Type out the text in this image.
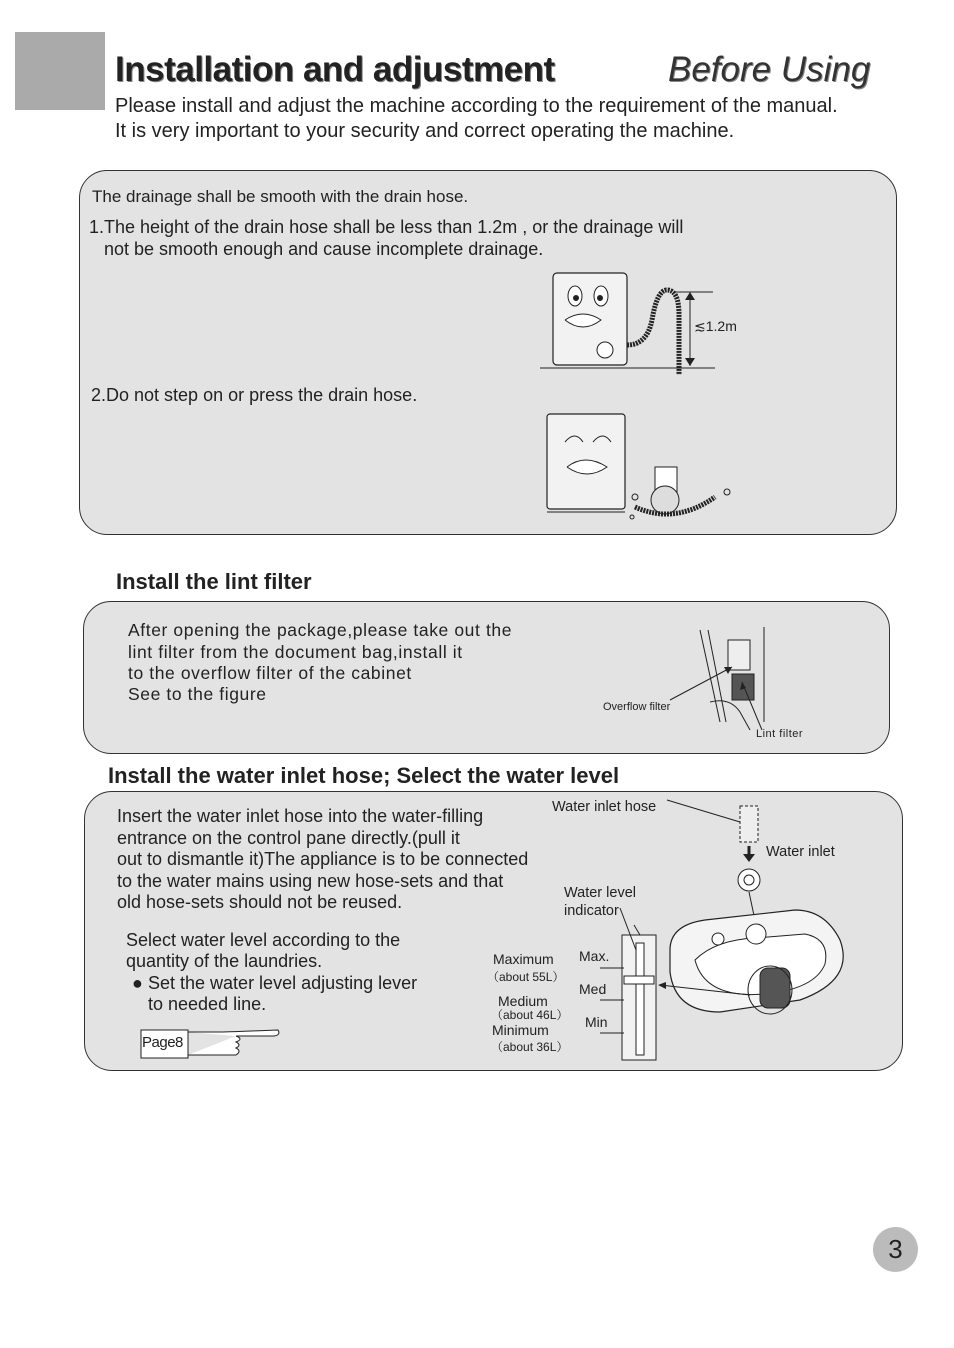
Installation and adjustment	Before Using
Please install and adjust the machine according to the requirement of the manual.
It is very important to your security and correct operating the machine.
The drainage shall be smooth with the drain hose.
1.The height of the drain hose shall be less than 1.2m , or the drainage will
not be smooth enough and cause incomplete drainage.
2.Do not step on or press the drain hose.
≲1.2m
Install the lint filter
After opening the package,please take out the
lint filter from the document bag,install it
to the overflow filter of the cabinet
See to the figure
Overflow filter
Lint filter
Install the water inlet hose; Select the water level
Insert the water inlet hose into the water-filling
entrance on the control pane directly.(pull it
out to dismantle it)The appliance is to be connected
to the water mains using new hose-sets and that
old hose-sets should not be reused.
Select water level according to the
quantity of the laundries.
● Set the water level adjusting lever
to needed line.
Page8
Water inlet hose
Water inlet
Water level
indicator
Maximum
（about 55L）
Medium
（about 46L）
Minimum
（about 36L）
Max.
Med
Min
3
